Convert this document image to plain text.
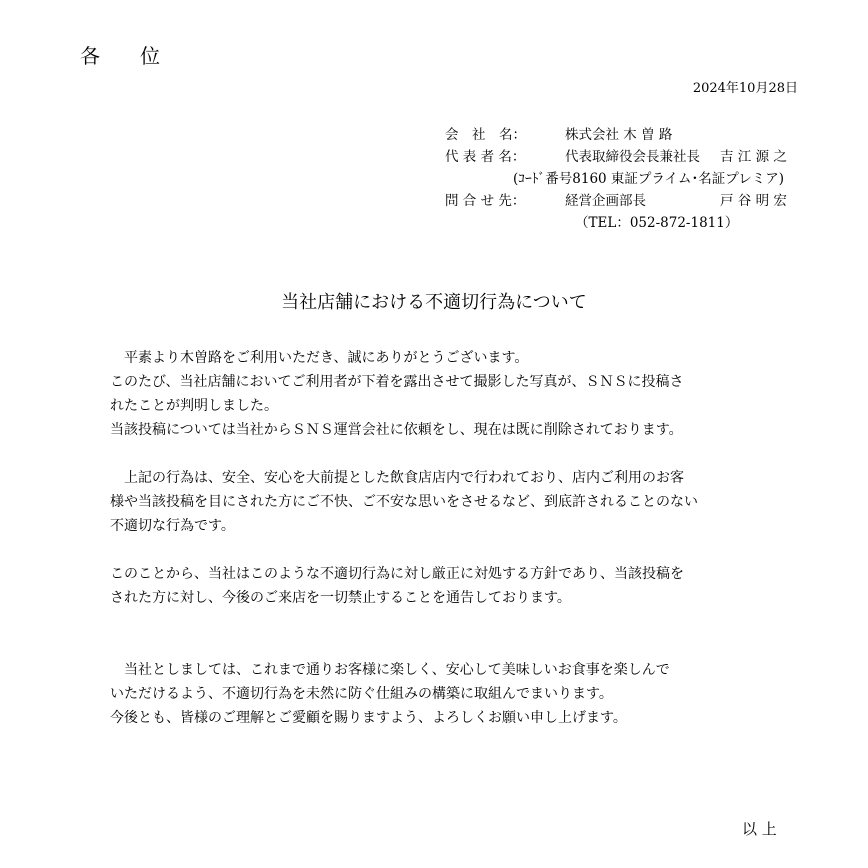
各　　位
2024年10月28日
会　社　名：	株式会社 木 曽 路
代 表 者 名：	代表取締役会長兼社長 吉 江 源 之
(ｺｰﾄﾞ番号8160 東証プライム･名証プレミア)
問 合 せ 先：	経営企画部長	戸 谷 明 宏
（TEL：052-872-1811）
当社店舗における不適切行為について

　平素より木曽路をご利用いただき、誠にありがとうございます。

このたび、当社店舗においてご利用者が下着を露出させて撮影した写真が、ＳＮＳに投稿さ

れたことが判明しました。

当該投稿については当社からＳＮＳ運営会社に依頼をし、現在は既に削除されております。

　上記の行為は、安全、安心を大前提とした飲食店店内で行われており、店内ご利用のお客

様や当該投稿を目にされた方にご不快、ご不安な思いをさせるなど、到底許されることのない

不適切な行為です。

このことから、当社はこのような不適切行為に対し厳正に対処する方針であり、当該投稿を

された方に対し、今後のご来店を一切禁止することを通告しております。

　当社としましては、これまで通りお客様に楽しく、安心して美味しいお食事を楽しんで

いただけるよう、不適切行為を未然に防ぐ仕組みの構築に取組んでまいります。

今後とも、皆様のご理解とご愛顧を賜りますよう、よろしくお願い申し上げます。

以 上
